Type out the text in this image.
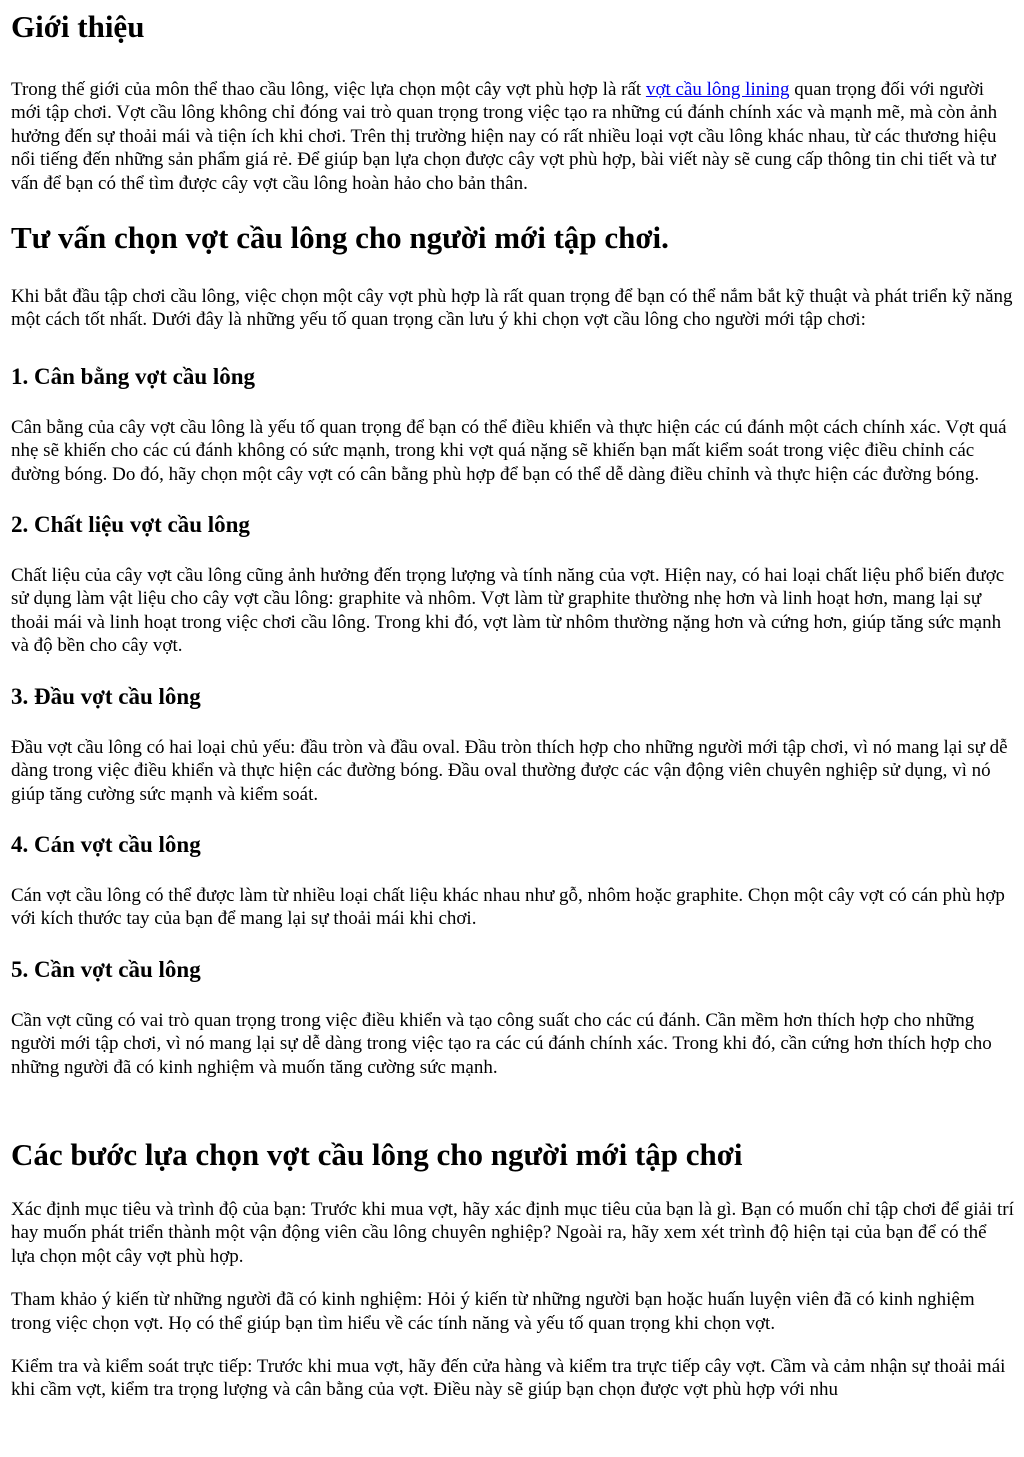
Giới thiệu

Trong thế giới của môn thể thao cầu lông, việc lựa chọn một cây vợt phù hợp là rất vợt cầu lông lining quan trọng đối với người mới tập chơi. Vợt cầu lông không chỉ đóng vai trò quan trọng trong việc tạo ra những cú đánh chính xác và mạnh mẽ, mà còn ảnh hưởng đến sự thoải mái và tiện ích khi chơi. Trên thị trường hiện nay có rất nhiều loại vợt cầu lông khác nhau, từ các thương hiệu nổi tiếng đến những sản phẩm giá rẻ. Để giúp bạn lựa chọn được cây vợt phù hợp, bài viết này sẽ cung cấp thông tin chi tiết và tư vấn để bạn có thể tìm được cây vợt cầu lông hoàn hảo cho bản thân.

Tư vấn chọn vợt cầu lông cho người mới tập chơi.

Khi bắt đầu tập chơi cầu lông, việc chọn một cây vợt phù hợp là rất quan trọng để bạn có thể nắm bắt kỹ thuật và phát triển kỹ năng một cách tốt nhất. Dưới đây là những yếu tố quan trọng cần lưu ý khi chọn vợt cầu lông cho người mới tập chơi:

1. Cân bằng vợt cầu lông

Cân bằng của cây vợt cầu lông là yếu tố quan trọng để bạn có thể điều khiển và thực hiện các cú đánh một cách chính xác. Vợt quá nhẹ sẽ khiến cho các cú đánh không có sức mạnh, trong khi vợt quá nặng sẽ khiến bạn mất kiểm soát trong việc điều chỉnh các đường bóng. Do đó, hãy chọn một cây vợt có cân bằng phù hợp để bạn có thể dễ dàng điều chỉnh và thực hiện các đường bóng.

2. Chất liệu vợt cầu lông

Chất liệu của cây vợt cầu lông cũng ảnh hưởng đến trọng lượng và tính năng của vợt. Hiện nay, có hai loại chất liệu phổ biến được sử dụng làm vật liệu cho cây vợt cầu lông: graphite và nhôm. Vợt làm từ graphite thường nhẹ hơn và linh hoạt hơn, mang lại sự thoải mái và linh hoạt trong việc chơi cầu lông. Trong khi đó, vợt làm từ nhôm thường nặng hơn và cứng hơn, giúp tăng sức mạnh và độ bền cho cây vợt.

3. Đầu vợt cầu lông

Đầu vợt cầu lông có hai loại chủ yếu: đầu tròn và đầu oval. Đầu tròn thích hợp cho những người mới tập chơi, vì nó mang lại sự dễ dàng trong việc điều khiển và thực hiện các đường bóng. Đầu oval thường được các vận động viên chuyên nghiệp sử dụng, vì nó giúp tăng cường sức mạnh và kiểm soát.

4. Cán vợt cầu lông

Cán vợt cầu lông có thể được làm từ nhiều loại chất liệu khác nhau như gỗ, nhôm hoặc graphite. Chọn một cây vợt có cán phù hợp với kích thước tay của bạn để mang lại sự thoải mái khi chơi.

5. Cần vợt cầu lông

Cần vợt cũng có vai trò quan trọng trong việc điều khiển và tạo công suất cho các cú đánh. Cần mềm hơn thích hợp cho những người mới tập chơi, vì nó mang lại sự dễ dàng trong việc tạo ra các cú đánh chính xác. Trong khi đó, cần cứng hơn thích hợp cho những người đã có kinh nghiệm và muốn tăng cường sức mạnh.

Các bước lựa chọn vợt cầu lông cho người mới tập chơi

Xác định mục tiêu và trình độ của bạn: Trước khi mua vợt, hãy xác định mục tiêu của bạn là gì. Bạn có muốn chỉ tập chơi để giải trí hay muốn phát triển thành một vận động viên cầu lông chuyên nghiệp? Ngoài ra, hãy xem xét trình độ hiện tại của bạn để có thể lựa chọn một cây vợt phù hợp.

Tham khảo ý kiến từ những người đã có kinh nghiệm: Hỏi ý kiến từ những người bạn hoặc huấn luyện viên đã có kinh nghiệm trong việc chọn vợt. Họ có thể giúp bạn tìm hiểu về các tính năng và yếu tố quan trọng khi chọn vợt.

Kiểm tra và kiểm soát trực tiếp: Trước khi mua vợt, hãy đến cửa hàng và kiểm tra trực tiếp cây vợt. Cầm và cảm nhận sự thoải mái khi cầm vợt, kiểm tra trọng lượng và cân bằng của vợt. Điều này sẽ giúp bạn chọn được vợt phù hợp với nhu
